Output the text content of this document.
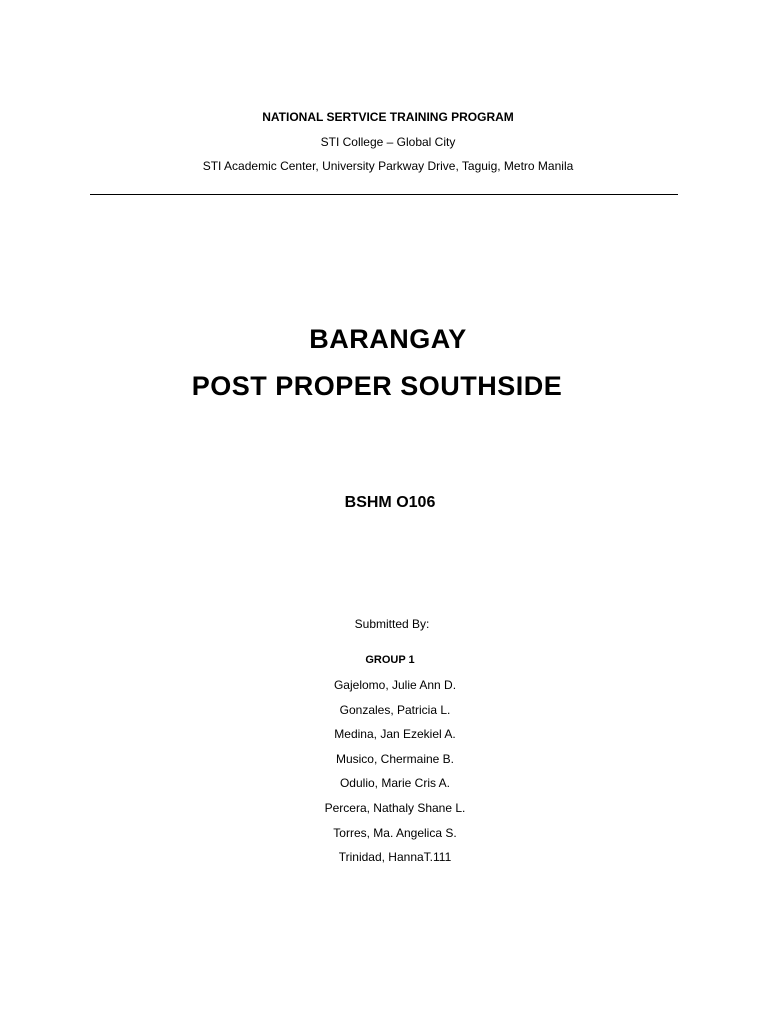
NATIONAL SERTVICE TRAINING PROGRAM
STI College – Global City
STI Academic Center, University Parkway Drive, Taguig, Metro Manila
BARANGAY
POST PROPER SOUTHSIDE
BSHM O106
Submitted By:
GROUP 1
Gajelomo, Julie Ann D.
Gonzales, Patricia L.
Medina, Jan Ezekiel A.
Musico, Chermaine B.
Odulio, Marie Cris A.
Percera, Nathaly Shane L.
Torres, Ma. Angelica S.
Trinidad, HannaT.111
